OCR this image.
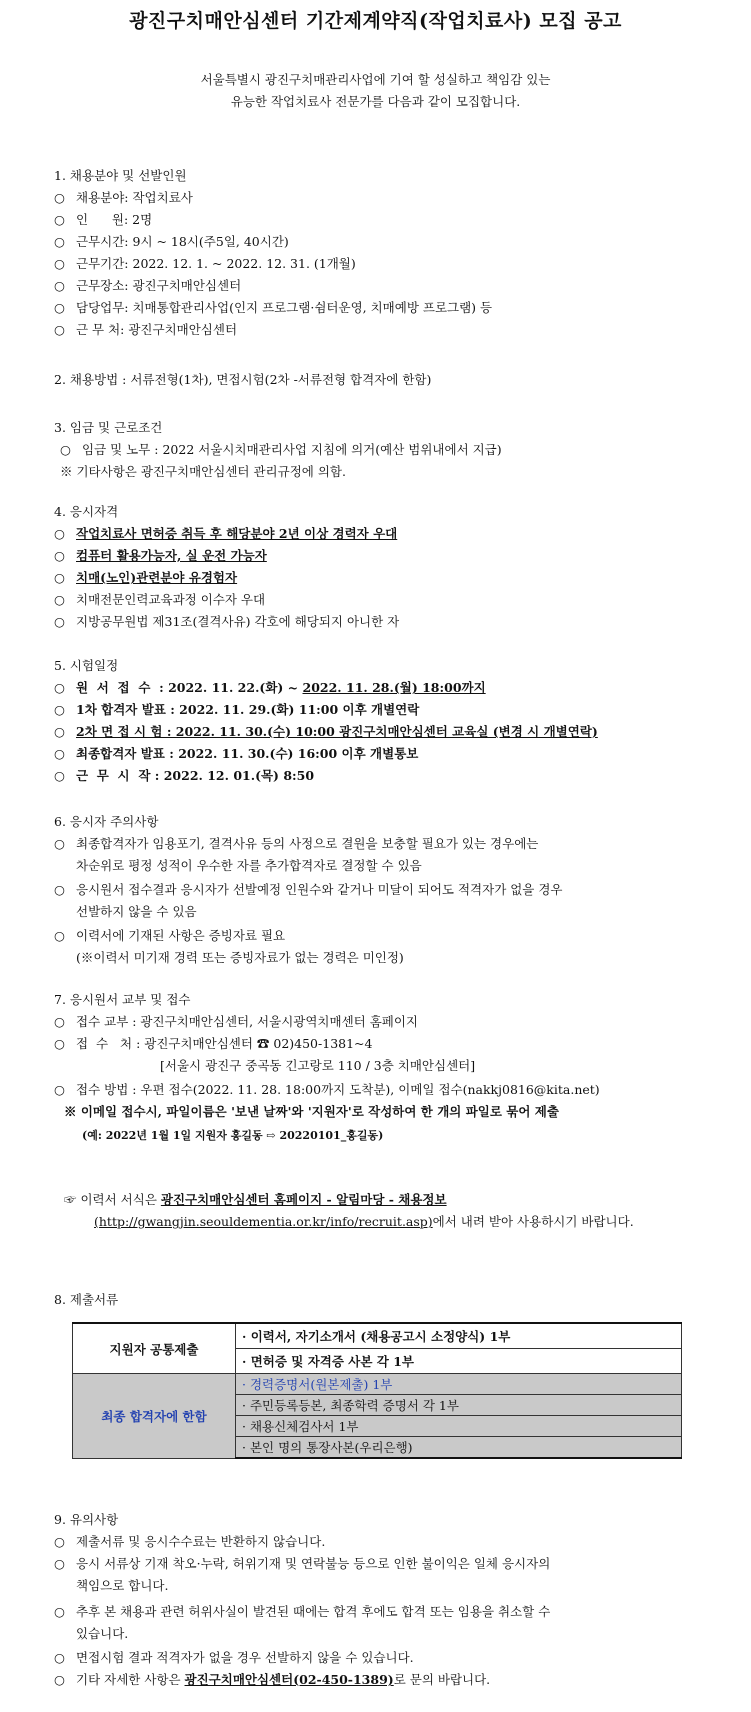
광진구치매안심센터 기간제계약직(작업치료사) 모집 공고
서울특별시 광진구치매관리사업에 기여 할 성실하고 책임감 있는
유능한 작업치료사 전문가를 다음과 같이 모집합니다.
1. 채용분야 및 선발인원
○ 채용분야: 작업치료사
○ 인      원: 2명
○ 근무시간: 9시 ~ 18시(주5일, 40시간)
○ 근무기간: 2022. 12. 1. ~ 2022. 12. 31. (1개월)
○ 근무장소: 광진구치매안심센터
○ 담당업무: 치매통합관리사업(인지 프로그램·쉼터운영, 치매예방 프로그램) 등
○ 근 무 처: 광진구치매안심센터
2. 채용방법 : 서류전형(1차), 면접시험(2차 -서류전형 합격자에 한함)
3. 임금 및 근로조건
○ 임금 및 노무 : 2022 서울시치매관리사업 지침에 의거(예산 범위내에서 지급)
※ 기타사항은 광진구치매안심센터 관리규정에 의함.
4. 응시자격
○ 작업치료사 면허증 취득 후 해당분야 2년 이상 경력자 우대
○ 컴퓨터 활용가능자, 실 운전 가능자
○ 치매(노인)관련분야 유경험자
○ 치매전문인력교육과정 이수자 우대
○ 지방공무원법 제31조(결격사유) 각호에 해당되지 아니한 자
5. 시험일정
○ 원  서  접  수  : 2022. 11. 22.(화) ~ 2022. 11. 28.(월) 18:00까지
○ 1차 합격자 발표 : 2022. 11. 29.(화) 11:00 이후 개별연락
○ 2차 면 접 시 험 : 2022. 11. 30.(수) 10:00 광진구치매안심센터 교육실 (변경 시 개별연락)
○ 최종합격자 발표 : 2022. 11. 30.(수) 16:00 이후 개별통보
○ 근  무  시  작 : 2022. 12. 01.(목) 8:50
6. 응시자 주의사항
○ 최종합격자가 임용포기, 결격사유 등의 사정으로 결원을 보충할 필요가 있는 경우에는
차순위로 평정 성적이 우수한 자를 추가합격자로 결정할 수 있음
○ 응시원서 접수결과 응시자가 선발예정 인원수와 같거나 미달이 되어도 적격자가 없을 경우
선발하지 않을 수 있음
○ 이력서에 기재된 사항은 증빙자료 필요
(※이력서 미기재 경력 또는 증빙자료가 없는 경력은 미인정)
7. 응시원서 교부 및 접수
○ 접수 교부 : 광진구치매안심센터, 서울시광역치매센터 홈페이지
○ 접  수   처 : 광진구치매안심센터 ☎ 02)450-1381~4
[서울시 광진구 중곡동 긴고랑로 110 / 3층 치매안심센터]
○ 접수 방법 : 우편 접수(2022. 11. 28. 18:00까지 도착분), 이메일 접수(nakkj0816@kita.net)
※ 이메일 접수시, 파일이름은 '보낸 날짜'와 '지원자'로 작성하여 한 개의 파일로 묶어 제출
(예: 2022년 1월 1일 지원자 홍길동 ⇨ 20220101_홍길동)
☞ 이력서 서식은 광진구치매안심센터 홈페이지 - 알림마당 - 채용정보
(http://gwangjin.seouldementia.or.kr/info/recruit.asp)에서 내려 받아 사용하시기 바랍니다.
8. 제출서류
지원자 공통제출	· 이력서, 자기소개서 (채용공고시 소정양식) 1부
	· 면허증 및 자격증 사본 각 1부
최종 합격자에 한함	· 경력증명서(원본제출) 1부
	· 주민등록등본, 최종학력 증명서 각 1부
	· 채용신체검사서 1부
	· 본인 명의 통장사본(우리은행)
9. 유의사항
○ 제출서류 및 응시수수료는 반환하지 않습니다.
○ 응시 서류상 기재 착오·누락, 허위기재 및 연락불능 등으로 인한 불이익은 일체 응시자의
책임으로 합니다.
○ 추후 본 채용과 관련 허위사실이 발견된 때에는 합격 후에도 합격 또는 임용을 취소할 수
있습니다.
○ 면접시험 결과 적격자가 없을 경우 선발하지 않을 수 있습니다.
○ 기타 자세한 사항은 광진구치매안심센터(02-450-1389)로 문의 바랍니다.
